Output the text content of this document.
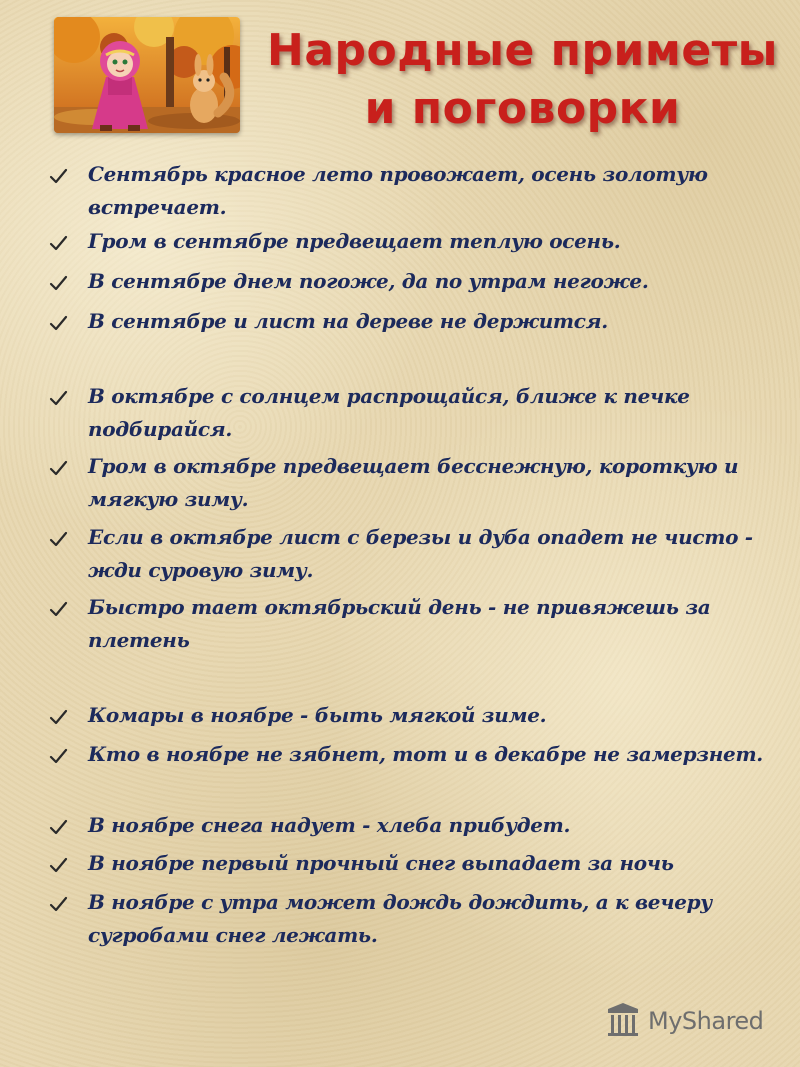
Народные приметы
и поговорки
Сентябрь красное лето провожает, осень золотую встречает.
Гром в сентябре предвещает теплую осень.
В сентябре днем погоже, да по утрам негоже.
В сентябре и лист на дереве не держится.
В октябре с солнцем распрощайся, ближе к печке подбирайся.
Гром в октябре предвещает бесснежную, короткую и мягкую зиму.
Если в октябре лист с березы и дуба опадет не чисто - жди суровую зиму.
Быстро тает октябрьский день - не привяжешь за плетень
Комары в ноябре - быть мягкой зиме.
Кто в ноябре не зябнет, тот и в декабре не замерзнет.
В ноябре снега надует - хлеба прибудет.
В ноябре первый прочный снег выпадает за ночь
В ноябре с утра может дождь дождить, а к вечеру сугробами снег лежать.
MyShared
